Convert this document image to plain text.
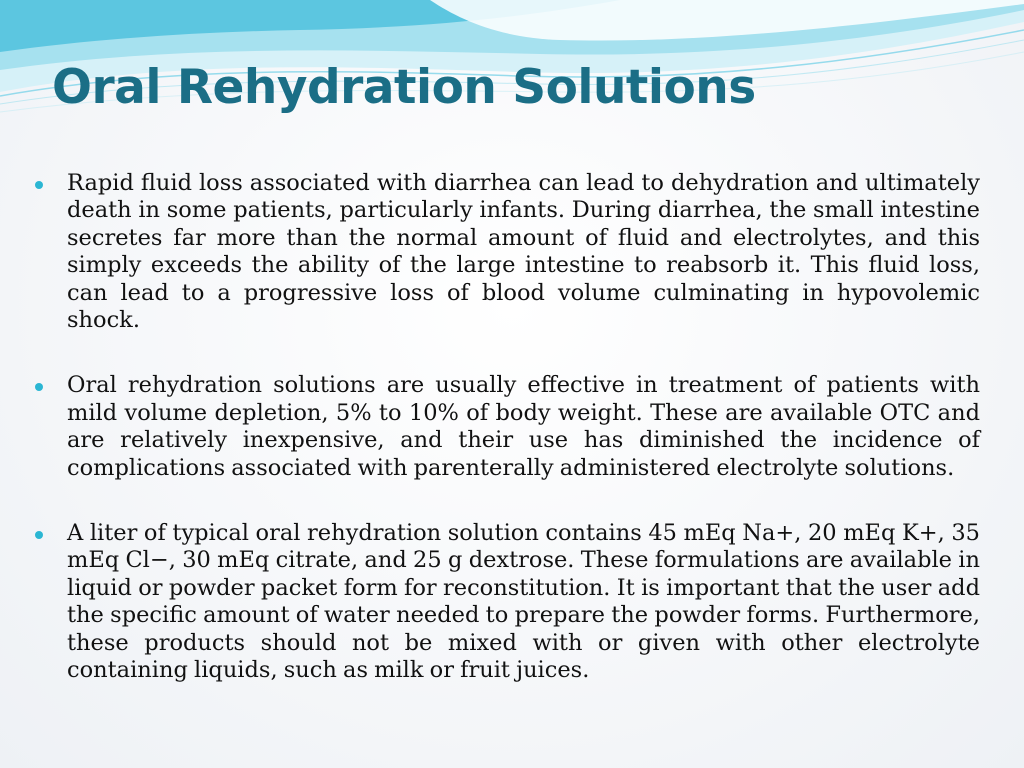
Oral Rehydration Solutions

Rapid fluid loss associated with diarrhea can lead to dehydration and ultimately death in some patients, particularly infants. During diarrhea, the small intestine secretes far more than the normal amount of fluid and electrolytes, and this simply exceeds the ability of the large intestine to reabsorb it. This fluid loss, can lead to a progressive loss of blood volume culminating in hypovolemic shock.

Oral rehydration solutions are usually effective in treatment of patients with mild volume depletion, 5% to 10% of body weight. These are available OTC and are relatively inexpensive, and their use has diminished the incidence of complications associated with parenterally administered electrolyte solutions.

A liter of typical oral rehydration solution contains 45 mEq Na+, 20 mEq K+, 35 mEq Cl−, 30 mEq citrate, and 25 g dextrose. These formulations are available in liquid or powder packet form for reconstitution. It is important that the user add the specific amount of water needed to prepare the powder forms. Furthermore, these products should not be mixed with or given with other electrolyte containing liquids, such as milk or fruit juices.
